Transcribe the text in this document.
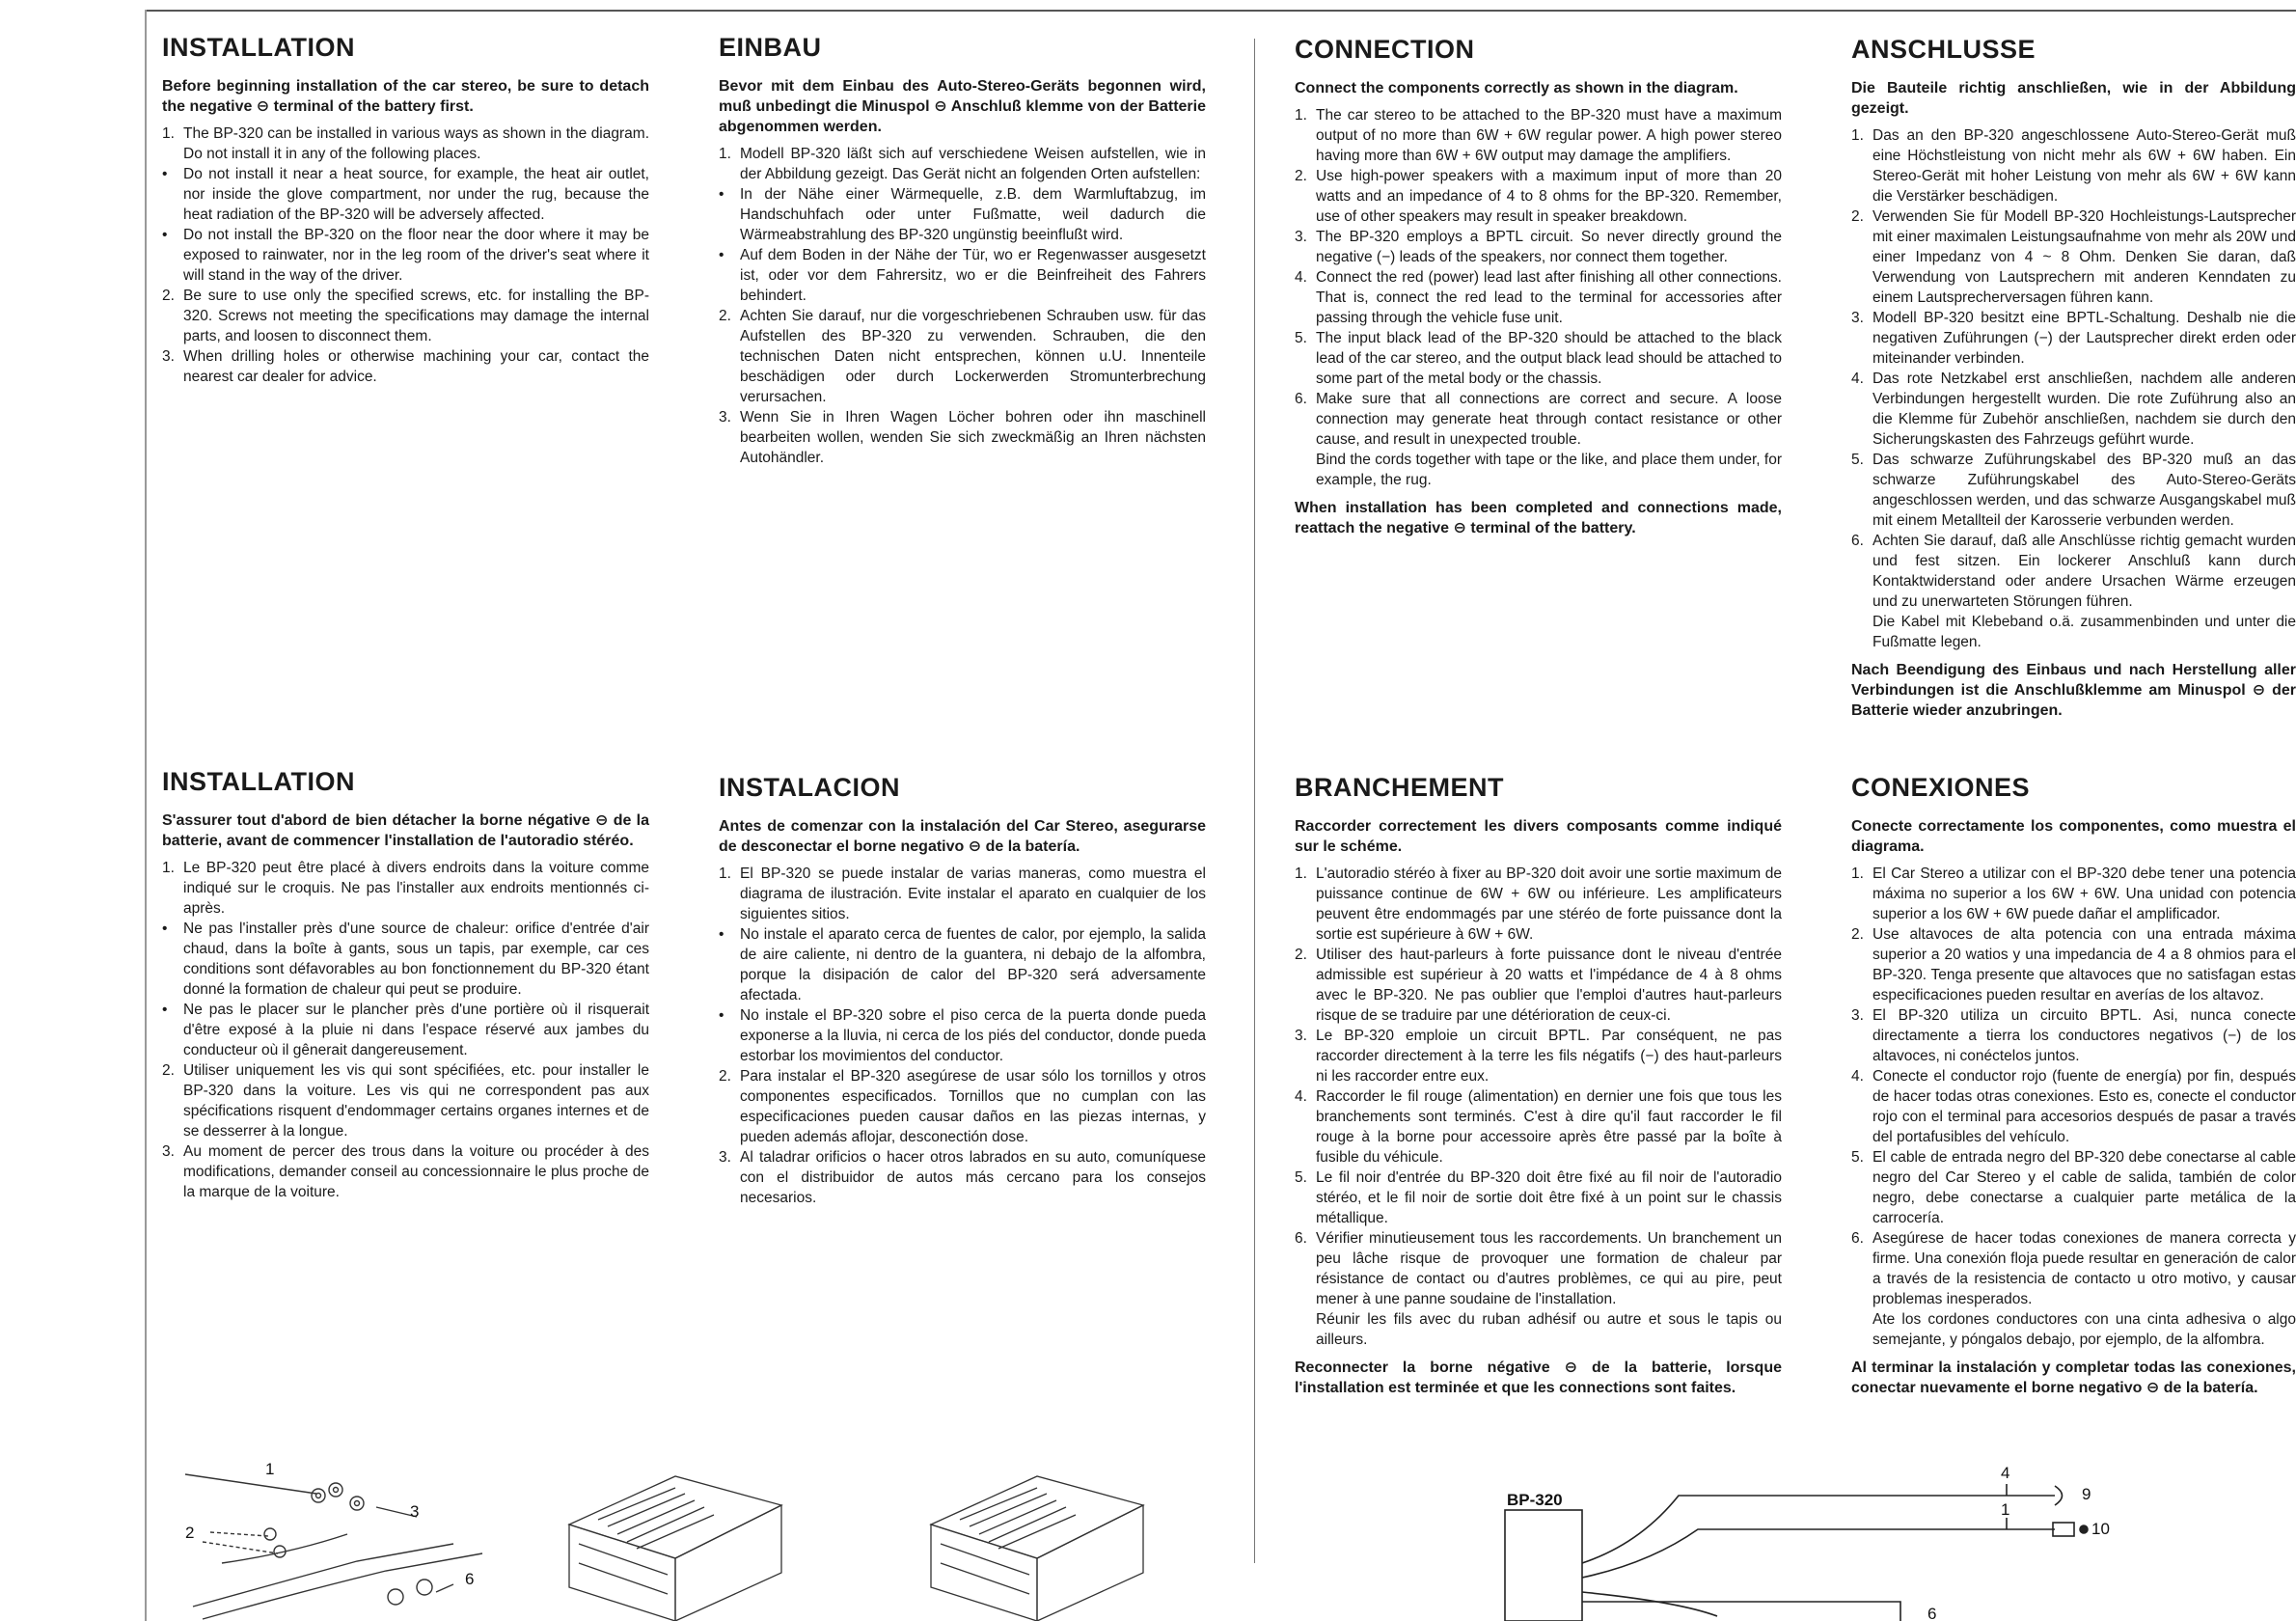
INSTALLATION

Before beginning installation of the car stereo, be sure to detach the negative ⊖ terminal of the battery first.

1. The BP-320 can be installed in various ways as shown in the diagram. Do not install it in any of the following places.
• Do not install it near a heat source, for example, the heat air outlet, nor inside the glove compartment, nor under the rug, because the heat radiation of the BP-320 will be adversely affected.
• Do not install the BP-320 on the floor near the door where it may be exposed to rainwater, nor in the leg room of the driver's seat where it will stand in the way of the driver.
2. Be sure to use only the specified screws, etc. for installing the BP-320. Screws not meeting the specifications may damage the internal parts, and loosen to disconnect them.
3. When drilling holes or otherwise machining your car, contact the nearest car dealer for advice.
EINBAU

Bevor mit dem Einbau des Auto-Stereo-Geräts begonnen wird, muß unbedingt die Minuspol ⊖ Anschluß klemme von der Batterie abgenommen werden.

1. Modell BP-320 läßt sich auf verschiedene Weisen aufstellen, wie in der Abbildung gezeigt. Das Gerät nicht an folgenden Orten aufstellen:
• In der Nähe einer Wärmequelle, z.B. dem Warmluftabzug, im Handschuhfach oder unter Fußmatte, weil dadurch die Wärmeabstrahlung des BP-320 ungünstig beeinflußt wird.
• Auf dem Boden in der Nähe der Tür, wo er Regenwasser ausgesetzt ist, oder vor dem Fahrersitz, wo er die Beinfreiheit des Fahrers behindert.
2. Achten Sie darauf, nur die vorgeschriebenen Schrauben usw. für das Aufstellen des BP-320 zu verwenden. Schrauben, die den technischen Daten nicht entsprechen, können u.U. Innenteile beschädigen oder durch Lockerwerden Stromunterbrechung verursachen.
3. Wenn Sie in Ihren Wagen Löcher bohren oder ihn maschinell bearbeiten wollen, wenden Sie sich zweckmäßig an Ihren nächsten Autohändler.
CONNECTION

Connect the components correctly as shown in the diagram.

1. The car stereo to be attached to the BP-320 must have a maximum output of no more than 6W + 6W regular power. A high power stereo having more than 6W + 6W output may damage the amplifiers.
2. Use high-power speakers with a maximum input of more than 20 watts and an impedance of 4 to 8 ohms for the BP-320. Remember, use of other speakers may result in speaker breakdown.
3. The BP-320 employs a BPTL circuit. So never directly ground the negative (−) leads of the speakers, nor connect them together.
4. Connect the red (power) lead last after finishing all other connections. That is, connect the red lead to the terminal for accessories after passing through the vehicle fuse unit.
5. The input black lead of the BP-320 should be attached to the black lead of the car stereo, and the output black lead should be attached to some part of the metal body or the chassis.
6. Make sure that all connections are correct and secure. A loose connection may generate heat through contact resistance or other cause, and result in unexpected trouble.

Bind the cords together with tape or the like, and place them under, for example, the rug.

When installation has been completed and connections made, reattach the negative ⊖ terminal of the battery.

ANSCHLUSSE

Die Bauteile richtig anschließen, wie in der Abbildung gezeigt.

1. Das an den BP-320 angeschlossene Auto-Stereo-Gerät muß eine Höchstleistung von nicht mehr als 6W + 6W haben. Ein Stereo-Gerät mit hoher Leistung von mehr als 6W + 6W kann die Verstärker beschädigen.
2. Verwenden Sie für Modell BP-320 Hochleistungs-Lautsprecher mit einer maximalen Leistungsaufnahme von mehr als 20W und einer Impedanz von 4 ~ 8 Ohm. Denken Sie daran, daß Verwendung von Lautsprechern mit anderen Kenndaten zu einem Lautsprecherversagen führen kann.
3. Modell BP-320 besitzt eine BPTL-Schaltung. Deshalb nie die negativen Zuführungen (−) der Lautsprecher direkt erden oder miteinander verbinden.
4. Das rote Netzkabel erst anschließen, nachdem alle anderen Verbindungen hergestellt wurden. Die rote Zuführung also an die Klemme für Zubehör anschließen, nachdem sie durch den Sicherungskasten des Fahrzeugs geführt wurde.
5. Das schwarze Zuführungskabel des BP-320 muß an das schwarze Zuführungskabel des Auto-Stereo-Geräts angeschlossen werden, und das schwarze Ausgangskabel muß mit einem Metallteil der Karosserie verbunden werden.
6. Achten Sie darauf, daß alle Anschlüsse richtig gemacht wurden und fest sitzen. Ein lockerer Anschluß kann durch Kontaktwiderstand oder andere Ursachen Wärme erzeugen und zu unerwarteten Störungen führen.

Die Kabel mit Klebeband o.ä. zusammenbinden und unter die Fußmatte legen.

Nach Beendigung des Einbaus und nach Herstellung aller Verbindungen ist die Anschlußklemme am Minuspol ⊖ der Batterie wieder anzubringen.

INSTALLATION

S'assurer tout d'abord de bien détacher la borne négative ⊖ de la batterie, avant de commencer l'installation de l'autoradio stéréo.

1. Le BP-320 peut être placé à divers endroits dans la voiture comme indiqué sur le croquis. Ne pas l'installer aux endroits mentionnés ci-après.
• Ne pas l'installer près d'une source de chaleur: orifice d'entrée d'air chaud, dans la boîte à gants, sous un tapis, par exemple, car ces conditions sont défavorables au bon fonctionnement du BP-320 étant donné la formation de chaleur qui peut se produire.
• Ne pas le placer sur le plancher près d'une portière où il risquerait d'être exposé à la pluie ni dans l'espace réservé aux jambes du conducteur où il gênerait dangereusement.
2. Utiliser uniquement les vis qui sont spécifiées, etc. pour installer le BP-320 dans la voiture. Les vis qui ne correspondent pas aux spécifications risquent d'endommager certains organes internes et de se desserrer à la longue.
3. Au moment de percer des trous dans la voiture ou procéder à des modifications, demander conseil au concessionnaire le plus proche de la marque de la voiture.
INSTALACION

Antes de comenzar con la instalación del Car Stereo, asegurarse de desconectar el borne negativo ⊖ de la batería.

1. El BP-320 se puede instalar de varias maneras, como muestra el diagrama de ilustración. Evite instalar el aparato en cualquier de los siguientes sitios.
• No instale el aparato cerca de fuentes de calor, por ejemplo, la salida de aire caliente, ni dentro de la guantera, ni debajo de la alfombra, porque la disipación de calor del BP-320 será adversamente afectada.
• No instale el BP-320 sobre el piso cerca de la puerta donde pueda exponerse a la lluvia, ni cerca de los piés del conductor, donde pueda estorbar los movimientos del conductor.
2. Para instalar el BP-320 asegúrese de usar sólo los tornillos y otros componentes especificados. Tornillos que no cumplan con las especificaciones pueden causar daños en las piezas internas, y pueden además aflojar, desconectión dose.
3. Al taladrar orificios o hacer otros labrados en su auto, comuníquese con el distribuidor de autos más cercano para los consejos necesarios.
BRANCHEMENT

Raccorder correctement les divers composants comme indiqué sur le schéme.

1. L'autoradio stéréo à fixer au BP-320 doit avoir une sortie maximum de puissance continue de 6W + 6W ou inférieure. Les amplificateurs peuvent être endommagés par une stéréo de forte puissance dont la sortie est supérieure à 6W + 6W.
2. Utiliser des haut-parleurs à forte puissance dont le niveau d'entrée admissible est supérieur à 20 watts et l'impédance de 4 à 8 ohms avec le BP-320. Ne pas oublier que l'emploi d'autres haut-parleurs risque de se traduire par une détérioration de ceux-ci.
3. Le BP-320 emploie un circuit BPTL. Par conséquent, ne pas raccorder directement à la terre les fils négatifs (−) des haut-parleurs ni les raccorder entre eux.
4. Raccorder le fil rouge (alimentation) en dernier une fois que tous les branchements sont terminés. C'est à dire qu'il faut raccorder le fil rouge à la borne pour accessoire après être passé par la boîte à fusible du véhicule.
5. Le fil noir d'entrée du BP-320 doit être fixé au fil noir de l'autoradio stéréo, et le fil noir de sortie doit être fixé à un point sur le chassis métallique.
6. Vérifier minutieusement tous les raccordements. Un branchement un peu lâche risque de provoquer une formation de chaleur par résistance de contact ou d'autres problèmes, ce qui au pire, peut mener à une panne soudaine de l'installation.

Réunir les fils avec du ruban adhésif ou autre et sous le tapis ou ailleurs.

Reconnecter la borne négative ⊖ de la batterie, lorsque l'installation est terminée et que les connections sont faites.

CONEXIONES

Conecte correctamente los componentes, como muestra el diagrama.

1. El Car Stereo a utilizar con el BP-320 debe tener una potencia máxima no superior a los 6W + 6W. Una unidad con potencia superior a los 6W + 6W puede dañar el amplificador.
2. Use altavoces de alta potencia con una entrada máxima superior a 20 watios y una impedancia de 4 a 8 ohmios para el BP-320. Tenga presente que altavoces que no satisfagan estas especificaciones pueden resultar en averías de los altavoz.
3. El BP-320 utiliza un circuito BPTL. Asi, nunca conecte directamente a tierra los conductores negativos (−) de los altavoces, ni conéctelos juntos.
4. Conecte el conductor rojo (fuente de energía) por fin, después de hacer todas otras conexiones. Esto es, conecte el conductor rojo con el terminal para accesorios después de pasar a través del portafusibles del vehículo.
5. El cable de entrada negro del BP-320 debe conectarse al cable negro del Car Stereo y el cable de salida, también de color negro, debe conectarse a cualquier parte metálica de la carrocería.
6. Asegúrese de hacer todas conexiones de manera correcta y firme. Una conexión floja puede resultar en generación de calor a través de la resistencia de contacto u otro motivo, y causar problemas inesperados.

Ate los cordones conductores con una cinta adhesiva o algo semejante, y póngalos debajo, por ejemplo, de la alfombra.

Al terminar la instalación y completar todas las conexiones, conectar nuevamente el borne negativo ⊖ de la batería.

1
2
3
6
BP-320
4
1
6
9
10
